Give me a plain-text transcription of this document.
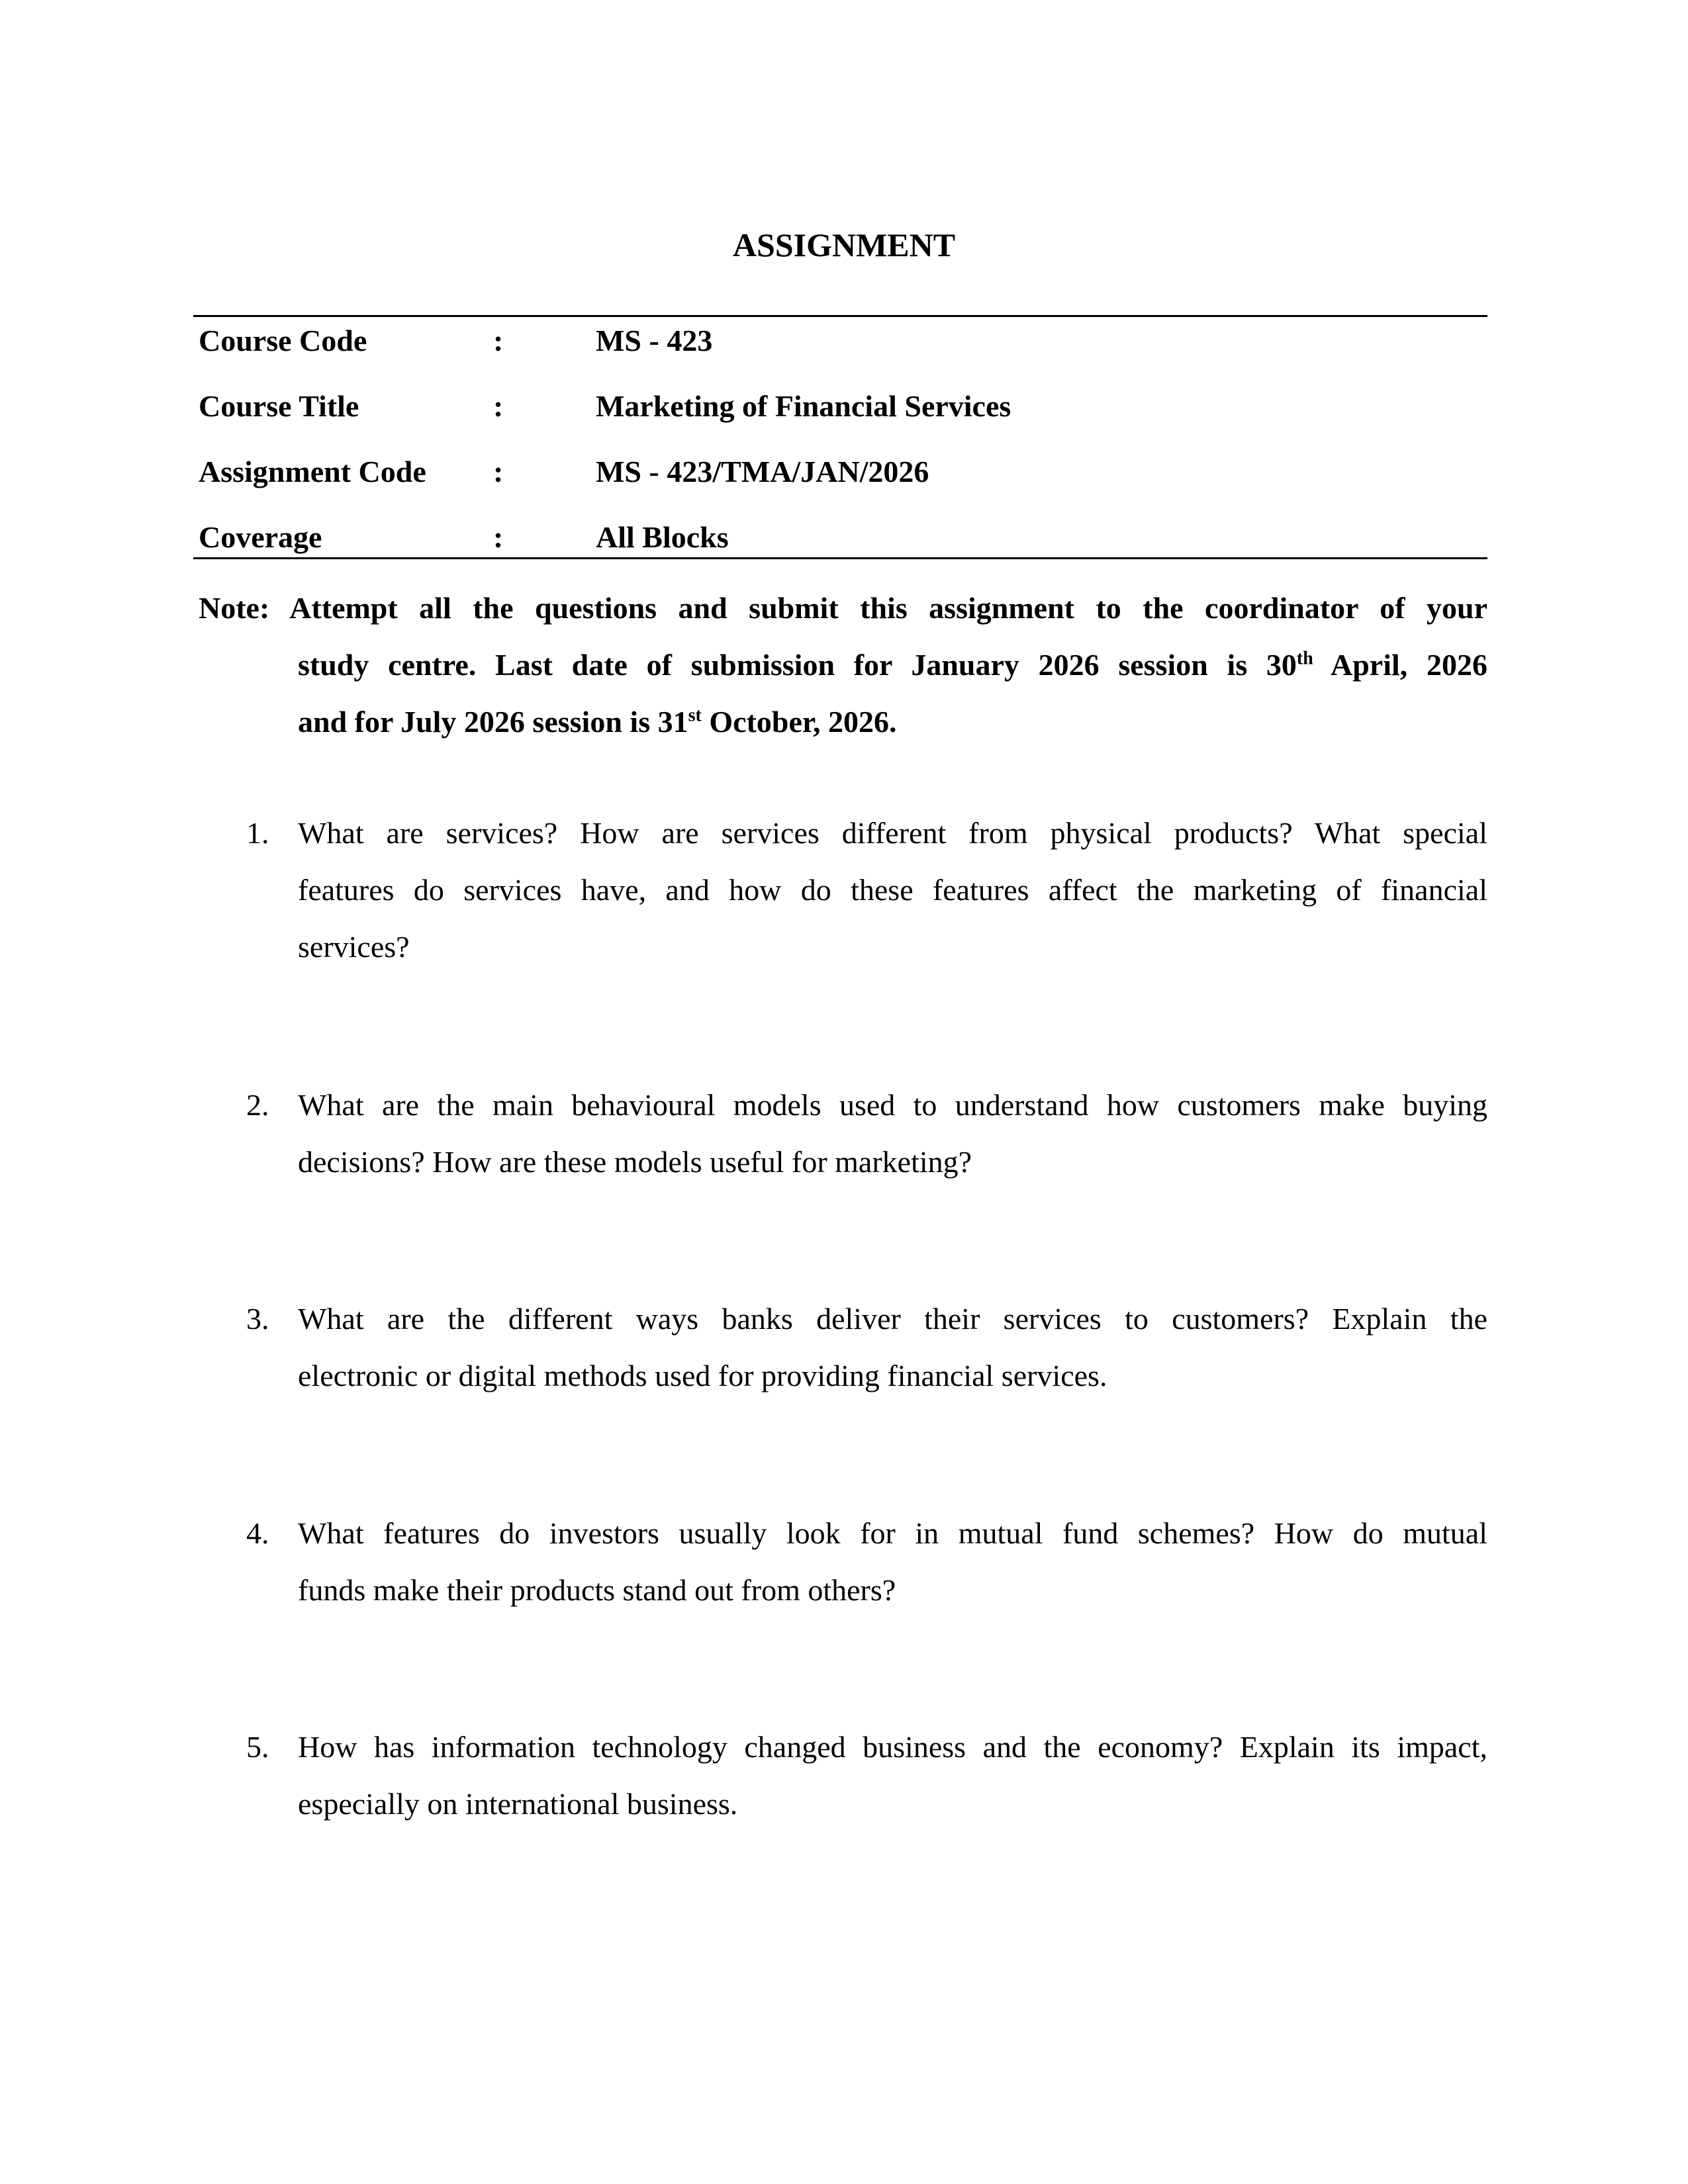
ASSIGNMENT
Course Code	:	MS - 423
Course Title	:	Marketing of Financial Services
Assignment Code :	MS - 423/TMA/JAN/2026
Coverage	:	All Blocks
Note: Attempt all the questions and submit this assignment to the coordinator of your
study centre. Last date of submission for January 2026 session is 30th April, 2026
and for July 2026 session is 31st October, 2026.
1. What are services? How are services different from physical products? What special
features do services have, and how do these features affect the marketing of financial
services?
2. What are the main behavioural models used to understand how customers make buying
decisions? How are these models useful for marketing?
3. What are the different ways banks deliver their services to customers? Explain the
electronic or digital methods used for providing financial services.
4. What features do investors usually look for in mutual fund schemes? How do mutual
funds make their products stand out from others?
5. How has information technology changed business and the economy? Explain its impact,
especially on international business.
